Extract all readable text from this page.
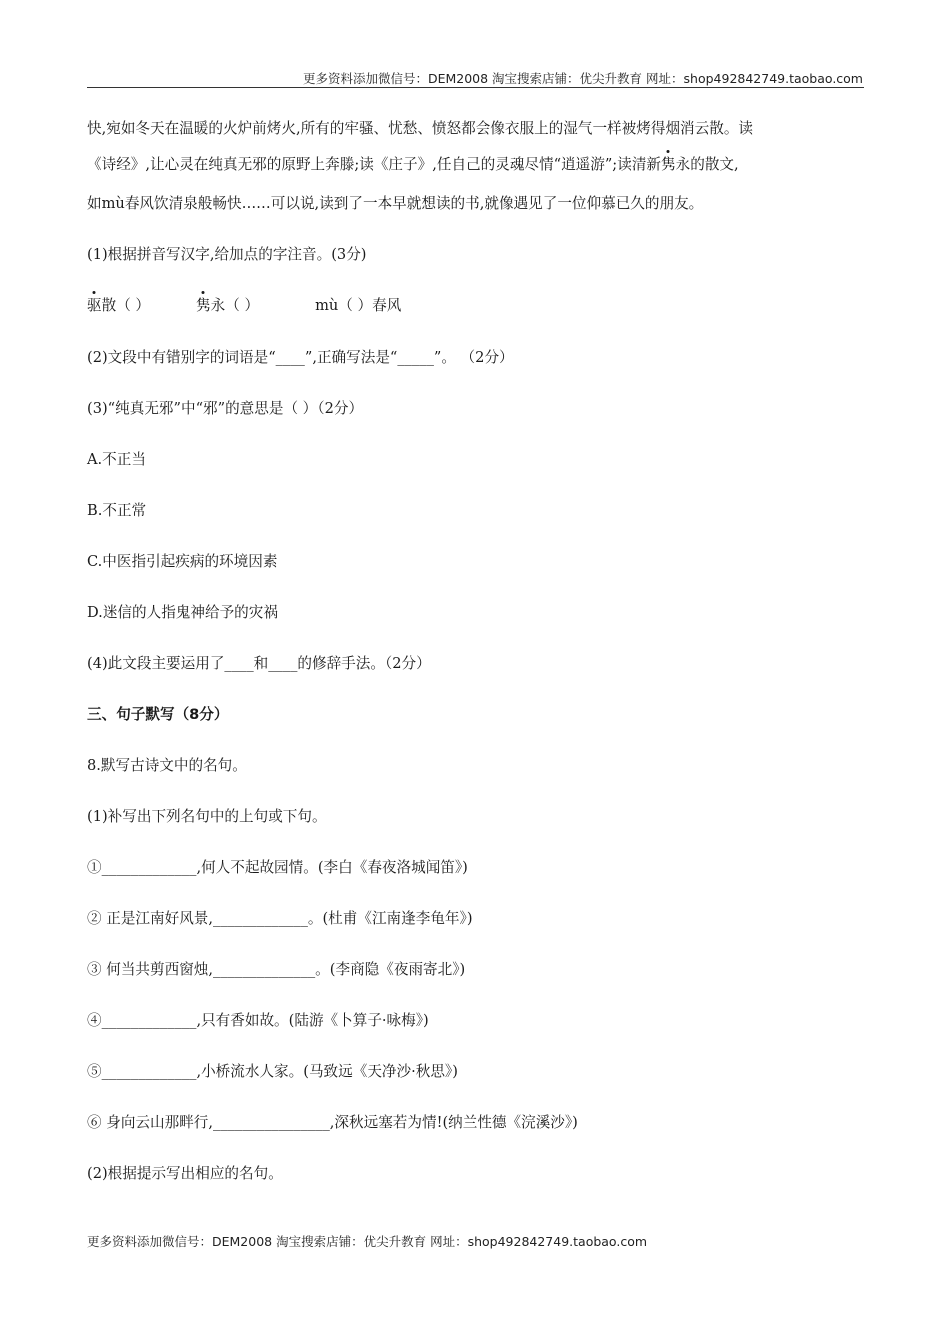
更多资料添加微信号：DEM2008 淘宝搜索店铺：优尖升教育 网址：shop492842749.taobao.com
快,宛如冬天在温暖的火炉前烤火,所有的牢骚、忧愁、愤怒都会像衣服上的湿气一样被烤得烟消云散。读
《诗经》,让心灵在纯真无邪的原野上奔滕;读《庄子》,任自己的灵魂尽情“逍遥游”;读清新隽永的散文,
如mù春风饮清泉般畅快……可以说,读到了一本早就想读的书,就像遇见了一位仰慕已久的朋友。
(1)根据拼音写汉字,给加点的字注音。(3分)
驱散（ ）	隽永（ ）	mù（ ）春风
(2)文段中有错别字的词语是“____”,正确写法是“_____”。 （2分）
(3)“纯真无邪”中“邪”的意思是（ ）（2分）
A.不正当
B.不正常
C.中医指引起疾病的环境因素
D.迷信的人指鬼神给予的灾祸
(4)此文段主要运用了____和____的修辞手法。（2分）
三、句子默写（8分）
8.默写古诗文中的名句。
(1)补写出下列名句中的上句或下句。
①_____________,何人不起故园情。(李白《春夜洛城闻笛》)
② 正是江南好风景,_____________。(杜甫《江南逢李龟年》)
③ 何当共剪西窗烛,______________。(李商隐《夜雨寄北》)
④_____________,只有香如故。(陆游《卜算子·咏梅》)
⑤_____________,小桥流水人家。(马致远《天净沙·秋思》)
⑥ 身向云山那畔行,________________,深秋远塞若为情!(纳兰性德《浣溪沙》)
(2)根据提示写出相应的名句。
更多资料添加微信号：DEM2008 淘宝搜索店铺：优尖升教育 网址：shop492842749.taobao.com
